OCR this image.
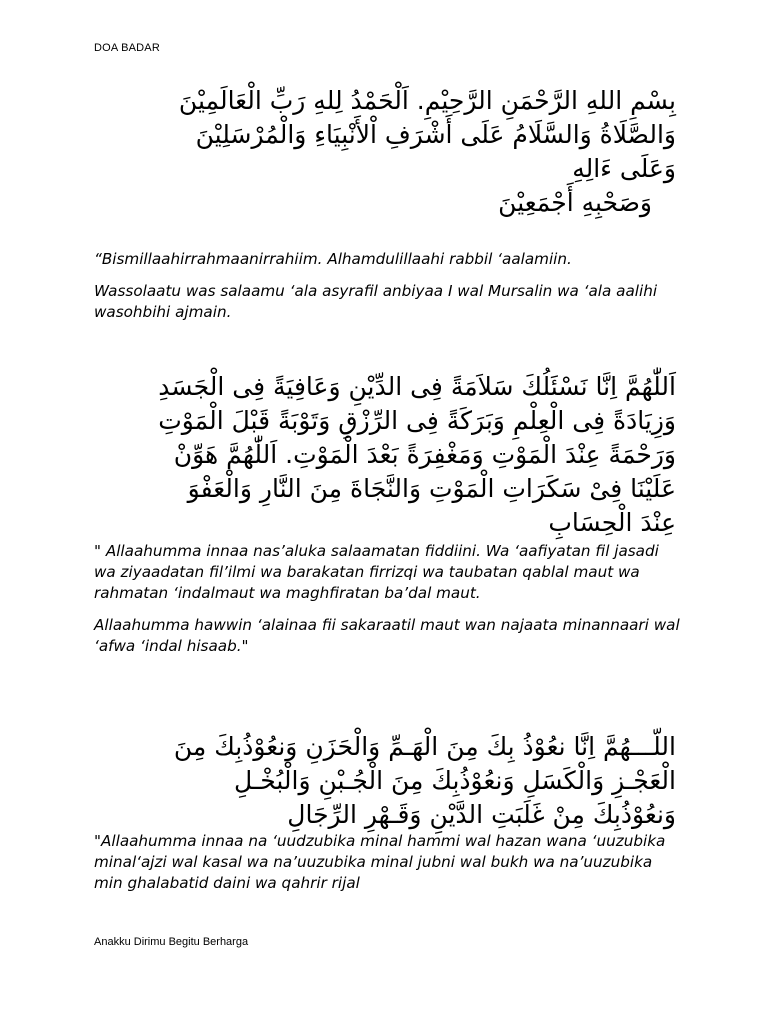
DOA BADAR
بِسْمِ اللهِ الرَّحْمَنِ الرَّحِيْمِ. اَلْحَمْدُ لِلهِ رَبِّ الْعَالَمِيْنَ
وَالصَّلَاةُ وَالسَّلَامُ عَلَى أَشْرَفِ اْلأَنْبِيَاءِ وَالْمُرْسَلِيْنَ
وَعَلَى ءَالِهِ
وَصَحْبِهِ أَجْمَعِيْنَ

“Bismillaahirrahmaanirrahiim. Alhamdulillaahi rabbil ‘aalamiin.

Wassolaatu was salaamu ‘ala asyrafil anbiyaa I wal Mursalin wa ‘ala aalihi wasohbihi ajmain.

اَللّٰهُمَّ اِنَّا نَسْئَلُكَ سَلاَمَةً فِى الدِّيْنِ وَعَافِيَةً فِى الْجَسَدِ
وَزِيَادَةً فِى الْعِلْمِ وَبَرَكَةً فِى الرِّزْقِ وَتَوْبَةً قَبْلَ الْمَوْتِ
وَرَحْمَةً عِنْدَ الْمَوْتِ وَمَغْفِرَةً بَعْدَ الْمَوْتِ. اَللّٰهُمَّ هَوِّنْ
عَلَيْنَا فِىْ سَكَرَاتِ الْمَوْتِ وَالنَّجَاةَ مِنَ النَّارِ وَالْعَفْوَ
عِنْدَ الْحِسَابِ

" Allaahumma innaa nas’aluka salaamatan fiddiini. Wa ‘aafiyatan fil jasadi wa ziyaadatan fil’ilmi wa barakatan firrizqi wa taubatan qablal maut wa rahmatan ‘indalmaut wa maghfiratan ba’dal maut.

Allaahumma hawwin ‘alainaa fii sakaraatil maut wan najaata minannaari wal ‘afwa ‘indal hisaab."

اللّـــهُمَّ اِنَّا نعُوْذُ بِكَ مِنَ الْهَـمِّ وَالْحَزَنِ وَنعُوْذُبِكَ مِنَ
الْعَجْـزِ وَالْكَسَلِ وَنعُوْذُبِكَ مِنَ الْجُـبْنِ وَالْبُخْـلِ
وَنعُوْذُبِكَ مِنْ غَلَبَتِ الدَّيْنِ وَقَـهْرِ الرِّجَالِ

"Allaahumma innaa na ‘uudzubika minal hammi wal hazan wana ‘uuzubika minal‘ajzi wal kasal wa na’uuzubika minal jubni wal bukh wa na’uuzubika min ghalabatid daini wa qahrir rijal

Anakku Dirimu Begitu Berharga
